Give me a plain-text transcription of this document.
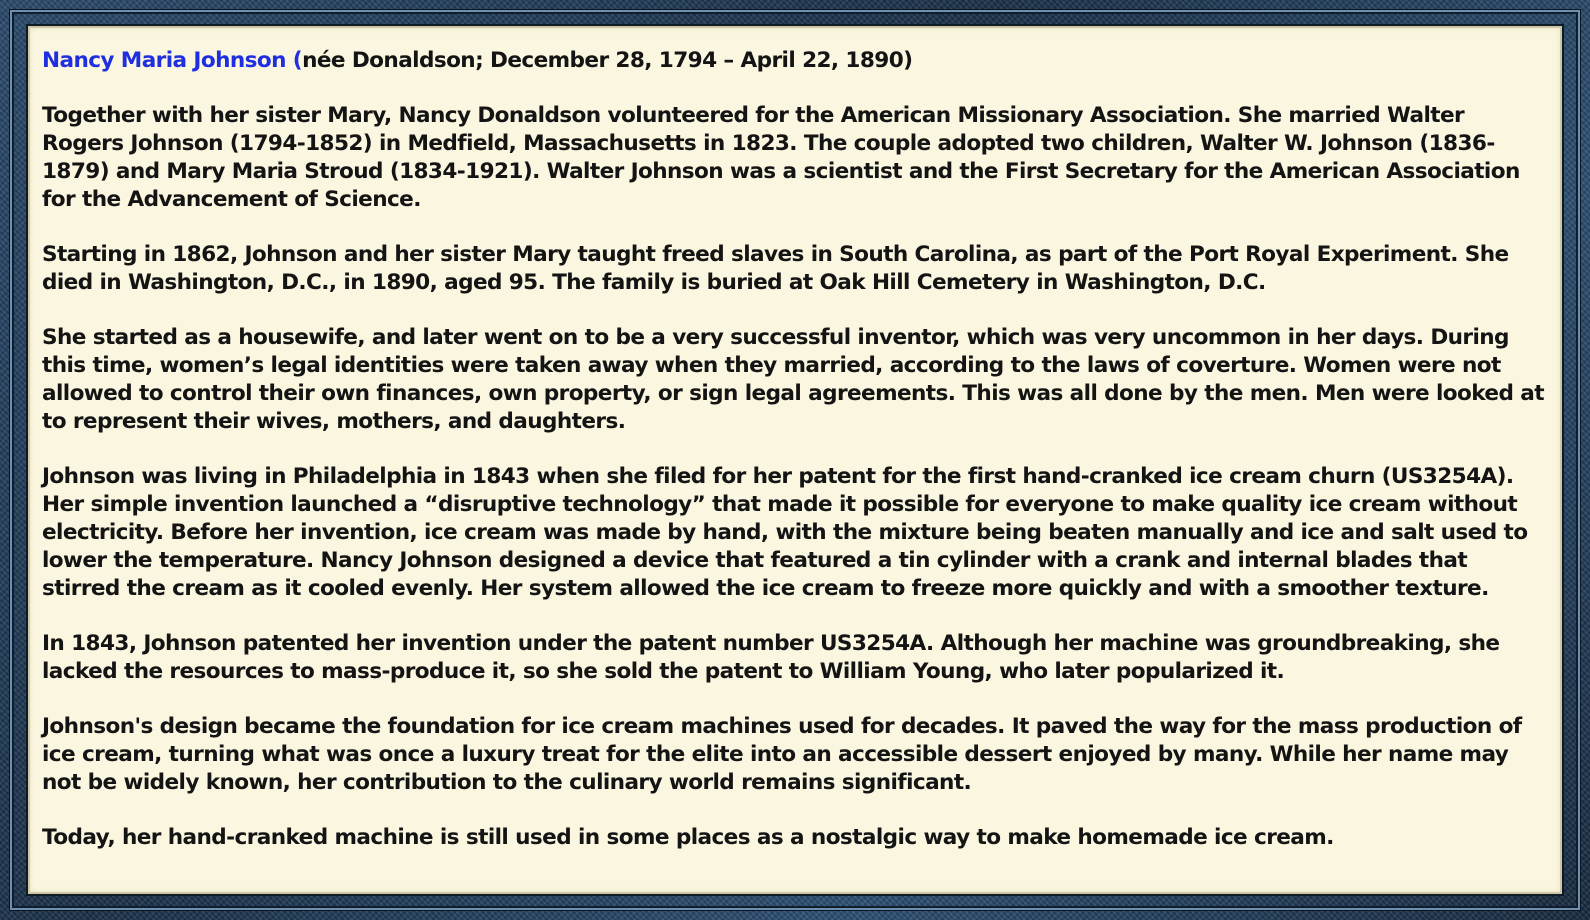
Nancy Maria Johnson (née Donaldson; December 28, 1794 – April 22, 1890)

Together with her sister Mary, Nancy Donaldson volunteered for the American Missionary Association. She married Walter Rogers Johnson (1794-1852) in Medfield, Massachusetts in 1823. The couple adopted two children, Walter W. Johnson (1836-1879) and Mary Maria Stroud (1834-1921). Walter Johnson was a scientist and the First Secretary for the American Association for the Advancement of Science.

Starting in 1862, Johnson and her sister Mary taught freed slaves in South Carolina, as part of the Port Royal Experiment. She died in Washington, D.C., in 1890, aged 95. The family is buried at Oak Hill Cemetery in Washington, D.C.

She started as a housewife, and later went on to be a very successful inventor, which was very uncommon in her days. During this time, women’s legal identities were taken away when they married, according to the laws of coverture. Women were not allowed to control their own finances, own property, or sign legal agreements. This was all done by the men. Men were looked at to represent their wives, mothers, and daughters.

Johnson was living in Philadelphia in 1843 when she filed for her patent for the first hand-cranked ice cream churn (US3254A). Her simple invention launched a “disruptive technology” that made it possible for everyone to make quality ice cream without electricity. Before her invention, ice cream was made by hand, with the mixture being beaten manually and ice and salt used to lower the temperature. Nancy Johnson designed a device that featured a tin cylinder with a crank and internal blades that stirred the cream as it cooled evenly. Her system allowed the ice cream to freeze more quickly and with a smoother texture.

In 1843, Johnson patented her invention under the patent number US3254A. Although her machine was groundbreaking, she lacked the resources to mass-produce it, so she sold the patent to William Young, who later popularized it.

Johnson's design became the foundation for ice cream machines used for decades. It paved the way for the mass production of ice cream, turning what was once a luxury treat for the elite into an accessible dessert enjoyed by many. While her name may not be widely known, her contribution to the culinary world remains significant.

Today, her hand-cranked machine is still used in some places as a nostalgic way to make homemade ice cream.
